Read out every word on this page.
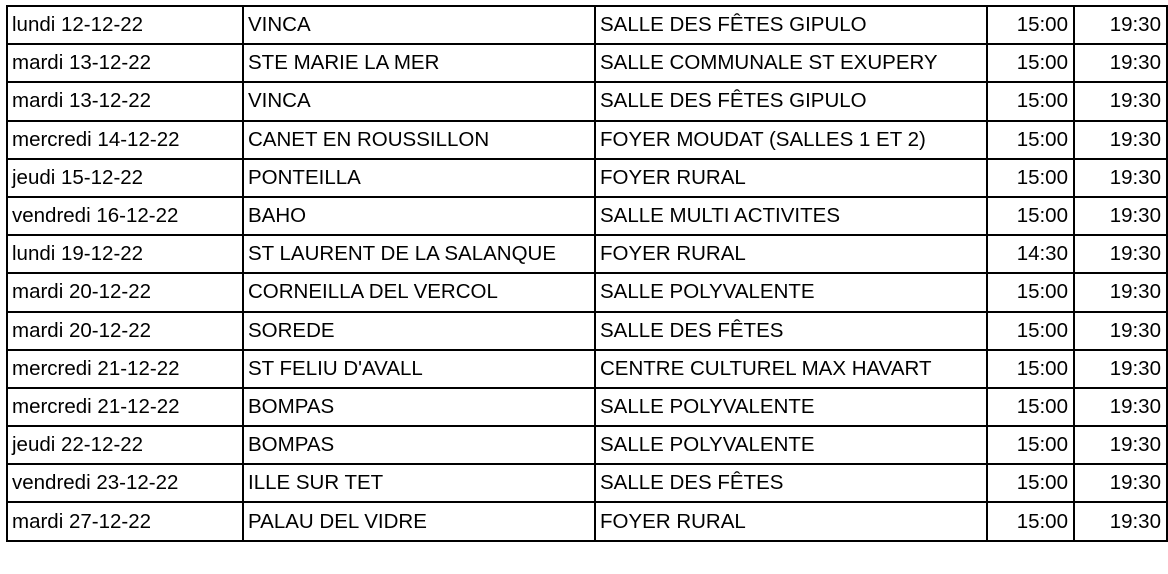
lundi 12-12-22	VINCA	SALLE DES FÊTES GIPULO	15:00	19:30
mardi 13-12-22	STE MARIE LA MER	SALLE COMMUNALE ST EXUPERY	15:00	19:30
mardi 13-12-22	VINCA	SALLE DES FÊTES GIPULO	15:00	19:30
mercredi 14-12-22	CANET EN ROUSSILLON	FOYER MOUDAT (SALLES 1 ET 2)	15:00	19:30
jeudi 15-12-22	PONTEILLA	FOYER RURAL	15:00	19:30
vendredi 16-12-22	BAHO	SALLE MULTI ACTIVITES	15:00	19:30
lundi 19-12-22	ST LAURENT DE LA SALANQUE	FOYER RURAL	14:30	19:30
mardi 20-12-22	CORNEILLA DEL VERCOL	SALLE POLYVALENTE	15:00	19:30
mardi 20-12-22	SOREDE	SALLE DES FÊTES	15:00	19:30
mercredi 21-12-22	ST FELIU D'AVALL	CENTRE CULTUREL MAX HAVART	15:00	19:30
mercredi 21-12-22	BOMPAS	SALLE POLYVALENTE	15:00	19:30
jeudi 22-12-22	BOMPAS	SALLE POLYVALENTE	15:00	19:30
vendredi 23-12-22	ILLE SUR TET	SALLE DES FÊTES	15:00	19:30
mardi 27-12-22	PALAU DEL VIDRE	FOYER RURAL	15:00	19:30
